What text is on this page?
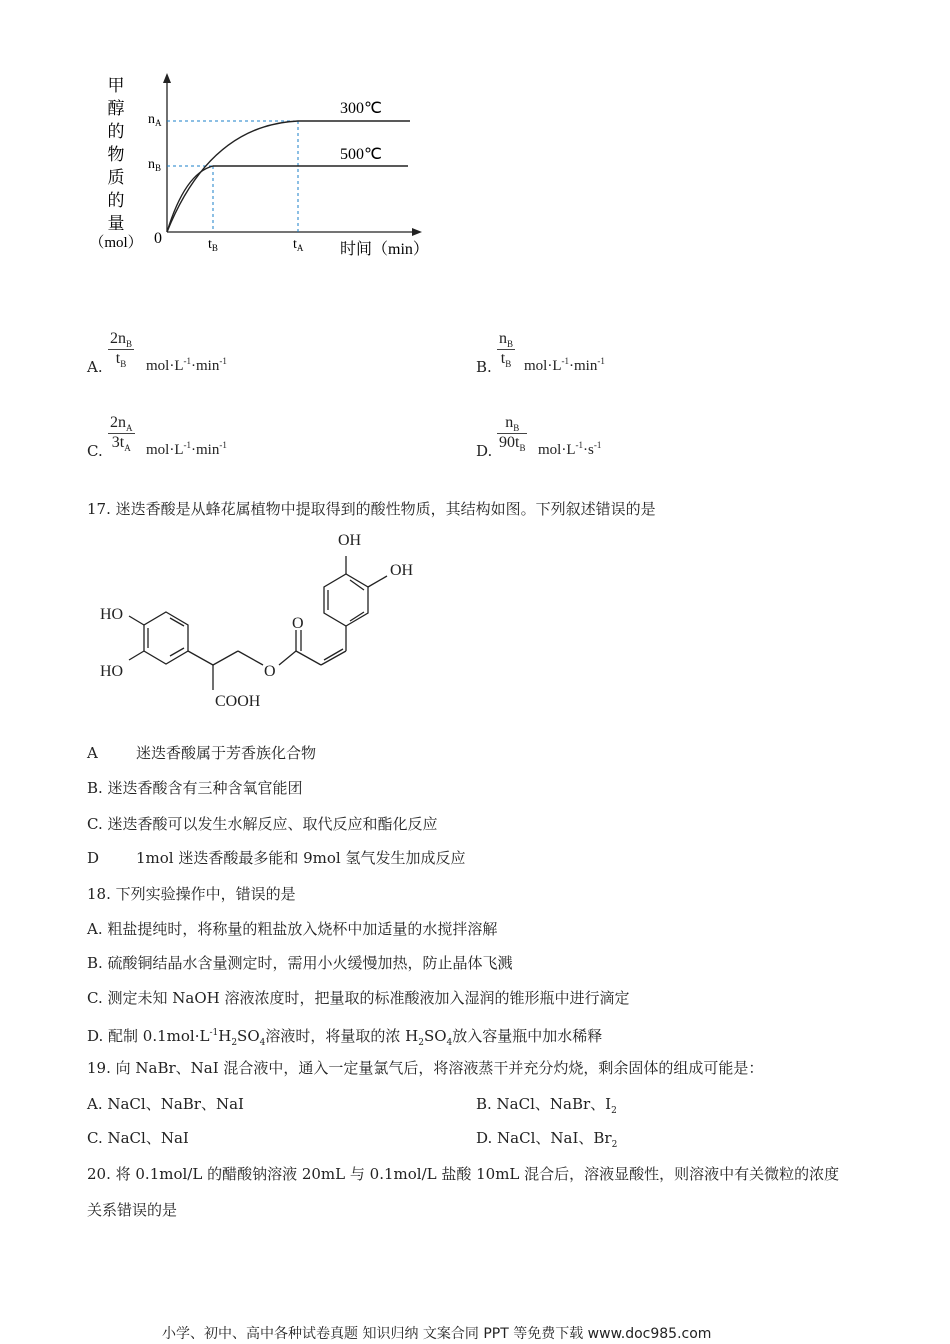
甲
醇
的
物
质
的
量
（mol） 0
$n_A$
$n_B$
300℃
500℃
$t_B$	$t_A$ 时间（min）
A. $\frac{2n_B}{t_B} mol\cdot L^{-1}\cdot\min^{-1}$	B. $\frac{n_B}{t_B} mol\cdot L^{-1}\cdot\min^{-1}$
C. $\frac{2n_A}{3t_A} mol\cdot L^{-1}\cdot\min^{-1}$	D. $\frac{n_B}{90t_B} mol\cdot L^{-1}\cdot s^{-1}$
17. 迷迭香酸是从蜂花属植物中提取得到的酸性物质，其结构如图。下列叙述错误的是
OH
OH
HO
HO
O
O
COOH
A	迷迭香酸属于芳香族化合物
B. 迷迭香酸含有三种含氧官能团
C. 迷迭香酸可以发生水解反应、取代反应和酯化反应
D 1mol 迷迭香酸最多能和 9mol 氢气发生加成反应
18. 下列实验操作中，错误的是
A. 粗盐提纯时，将称量的粗盐放入烧杯中加适量的水搅拌溶解
B. 硫酸铜结晶水含量测定时，需用小火缓慢加热，防止晶体飞溅
C. 测定未知 NaOH 溶液浓度时，把量取的标准酸液加入湿润的锥形瓶中进行滴定
D. 配制 $0.1mol\cdot L^{-1}H_2SO_4$溶液时，将量取的浓 $H_2SO_4$放入容量瓶中加水稀释
19. 向 NaBr、NaI 混合液中，通入一定量氯气后，将溶液蒸干并充分灼烧，剩余固体的组成可能是：
A. NaCl、NaBr、NaI	B. NaCl、NaBr、$I_2$
C. NaCl、NaI	D. NaCl、NaI、$Br_2$
20. 将 0.1mol/L 的醋酸钠溶液 20mL 与 0.1mol/L 盐酸 10mL 混合后，溶液显酸性，则溶液中有关微粒的浓度
关系错误的是
小学、初中、高中各种试卷真题 知识归纳 文案合同 PPT 等免费下载 www.doc985.com
